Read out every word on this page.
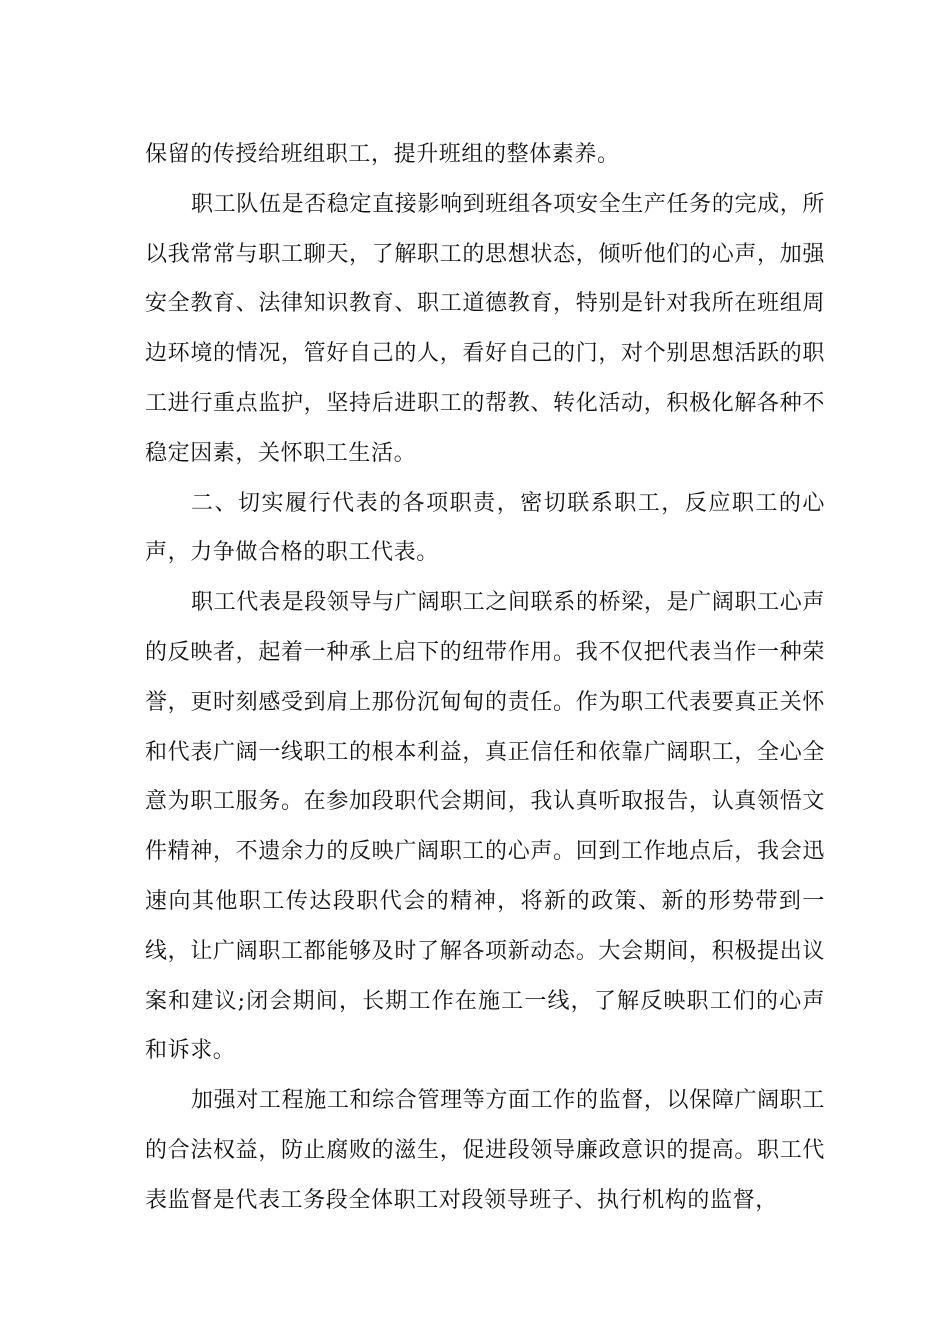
保留的传授给班组职工，提升班组的整体素养。

职工队伍是否稳定直接影响到班组各项安全生产任务的完成，所以我常常与职工聊天，了解职工的思想状态，倾听他们的心声，加强安全教育、法律知识教育、职工道德教育，特别是针对我所在班组周边环境的情况，管好自己的人，看好自己的门，对个别思想活跃的职工进行重点监护，坚持后进职工的帮教、转化活动，积极化解各种不稳定因素，关怀职工生活。

二、切实履行代表的各项职责，密切联系职工，反应职工的心声，力争做合格的职工代表。

职工代表是段领导与广阔职工之间联系的桥梁，是广阔职工心声的反映者，起着一种承上启下的纽带作用。我不仅把代表当作一种荣誉，更时刻感受到肩上那份沉甸甸的责任。作为职工代表要真正关怀和代表广阔一线职工的根本利益，真正信任和依靠广阔职工，全心全意为职工服务。在参加段职代会期间，我认真听取报告，认真领悟文件精神，不遗余力的反映广阔职工的心声。回到工作地点后，我会迅速向其他职工传达段职代会的精神，将新的政策、新的形势带到一线，让广阔职工都能够及时了解各项新动态。大会期间，积极提出议案和建议;闭会期间，长期工作在施工一线，了解反映职工们的心声和诉求。

加强对工程施工和综合管理等方面工作的监督，以保障广阔职工的合法权益，防止腐败的滋生，促进段领导廉政意识的提高。职工代表监督是代表工务段全体职工对段领导班子、执行机构的监督，
